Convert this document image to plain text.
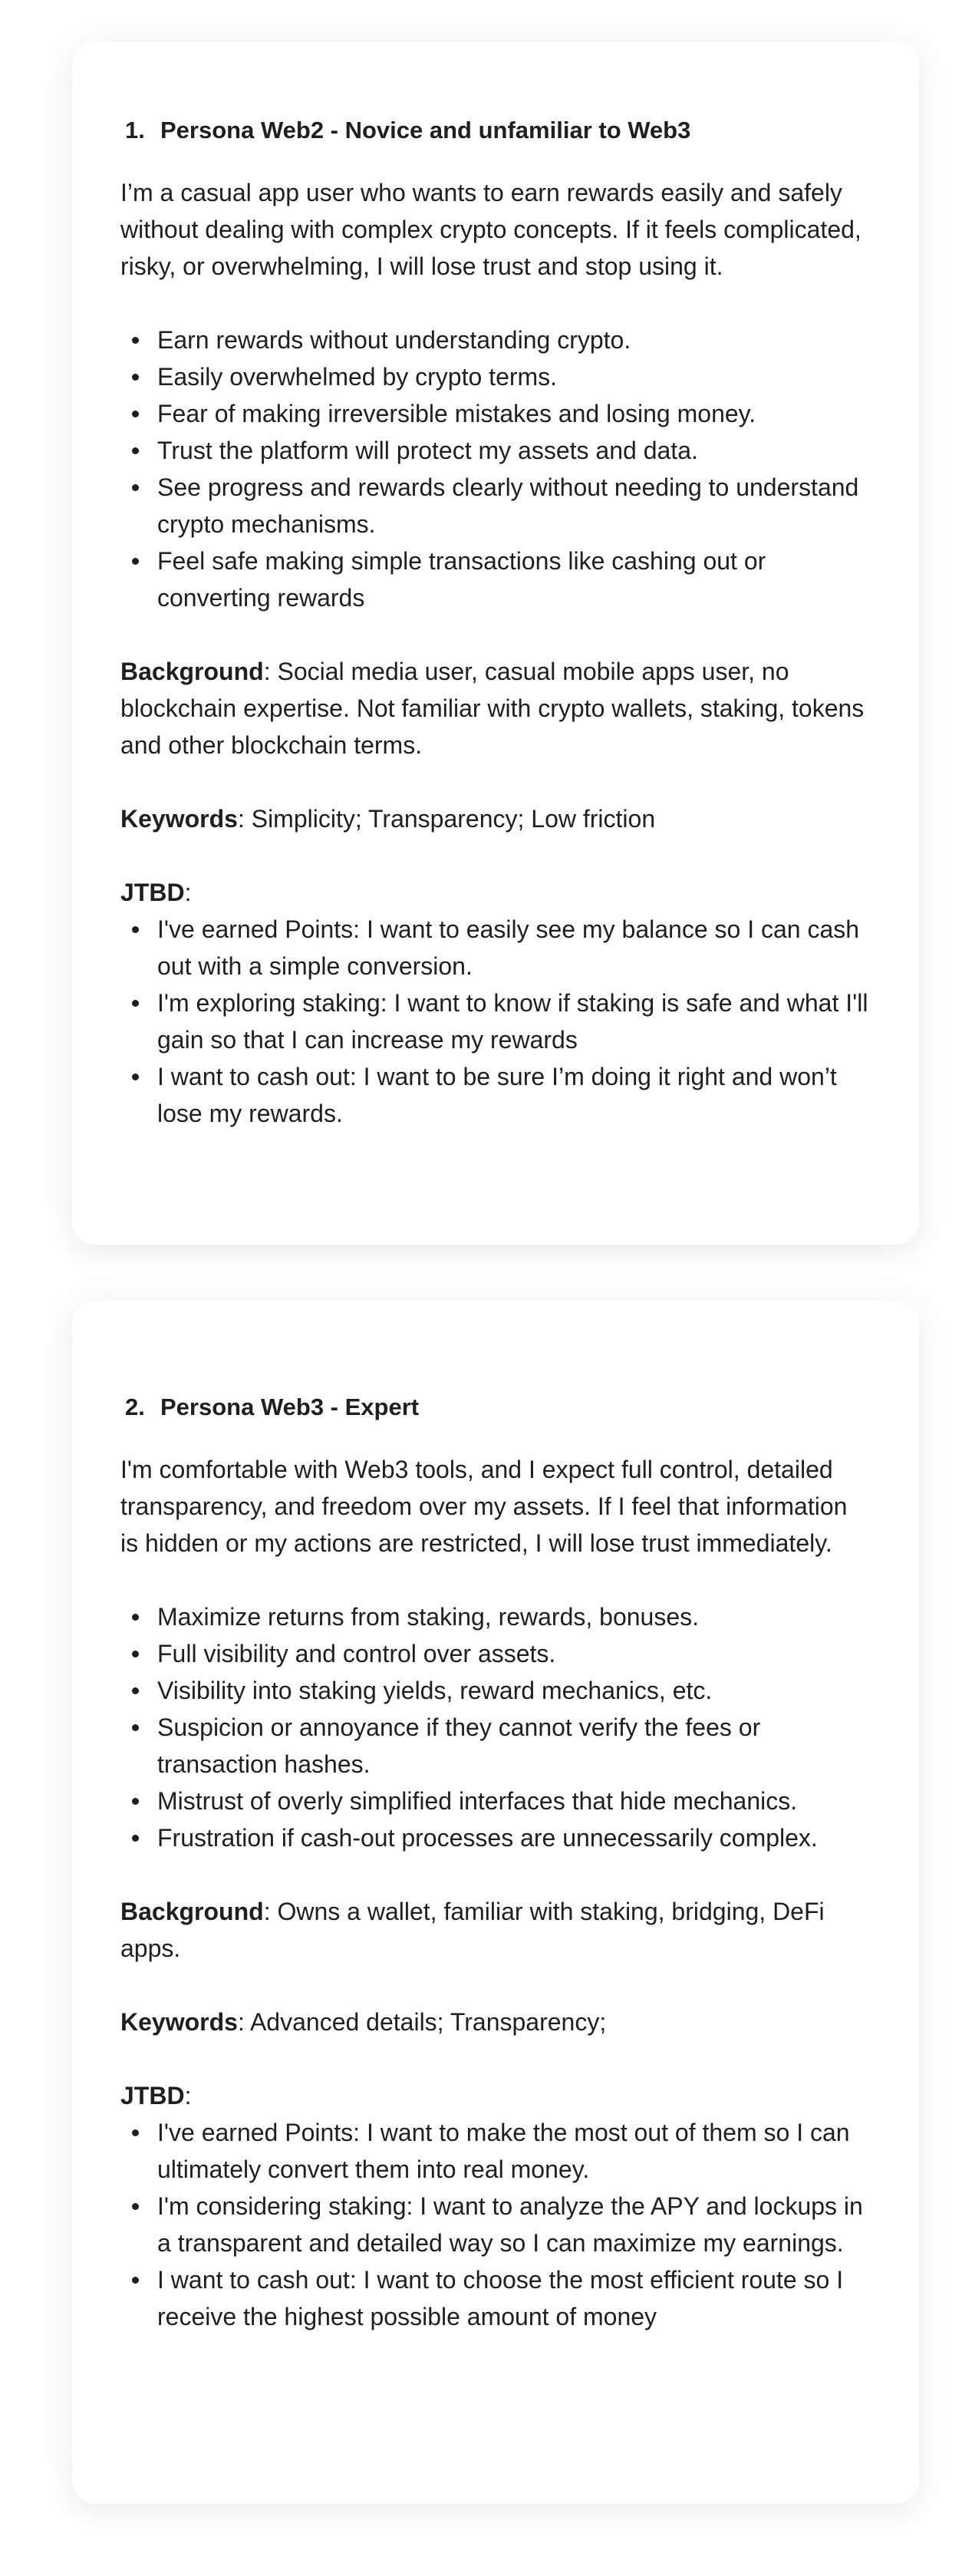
1. Persona Web2 - Novice and unfamiliar to Web3

I’m a casual app user who wants to earn rewards easily and safely without dealing with complex crypto concepts. If it feels complicated, risky, or overwhelming, I will lose trust and stop using it.

Earn rewards without understanding crypto.
Easily overwhelmed by crypto terms.
Fear of making irreversible mistakes and losing money.
Trust the platform will protect my assets and data.
See progress and rewards clearly without needing to understand crypto mechanisms.
Feel safe making simple transactions like cashing out or converting rewards

Background: Social media user, casual mobile apps user, no blockchain expertise. Not familiar with crypto wallets, staking, tokens and other blockchain terms.

Keywords: Simplicity; Transparency; Low friction

JTBD:

I've earned Points: I want to easily see my balance so I can cash out with a simple conversion.
I'm exploring staking: I want to know if staking is safe and what I'll gain so that I can increase my rewards
I want to cash out: I want to be sure I’m doing it right and won’t lose my rewards.
2. Persona Web3 - Expert

I'm comfortable with Web3 tools, and I expect full control, detailed transparency, and freedom over my assets. If I feel that information is hidden or my actions are restricted, I will lose trust immediately.

Maximize returns from staking, rewards, bonuses.
Full visibility and control over assets.
Visibility into staking yields, reward mechanics, etc.
Suspicion or annoyance if they cannot verify the fees or transaction hashes.
Mistrust of overly simplified interfaces that hide mechanics.
Frustration if cash-out processes are unnecessarily complex.

Background: Owns a wallet, familiar with staking, bridging, DeFi apps.

Keywords: Advanced details; Transparency;

JTBD:

I've earned Points: I want to make the most out of them so I can ultimately convert them into real money.
I'm considering staking: I want to analyze the APY and lockups in a transparent and detailed way so I can maximize my earnings.
I want to cash out: I want to choose the most efficient route so I receive the highest possible amount of money
